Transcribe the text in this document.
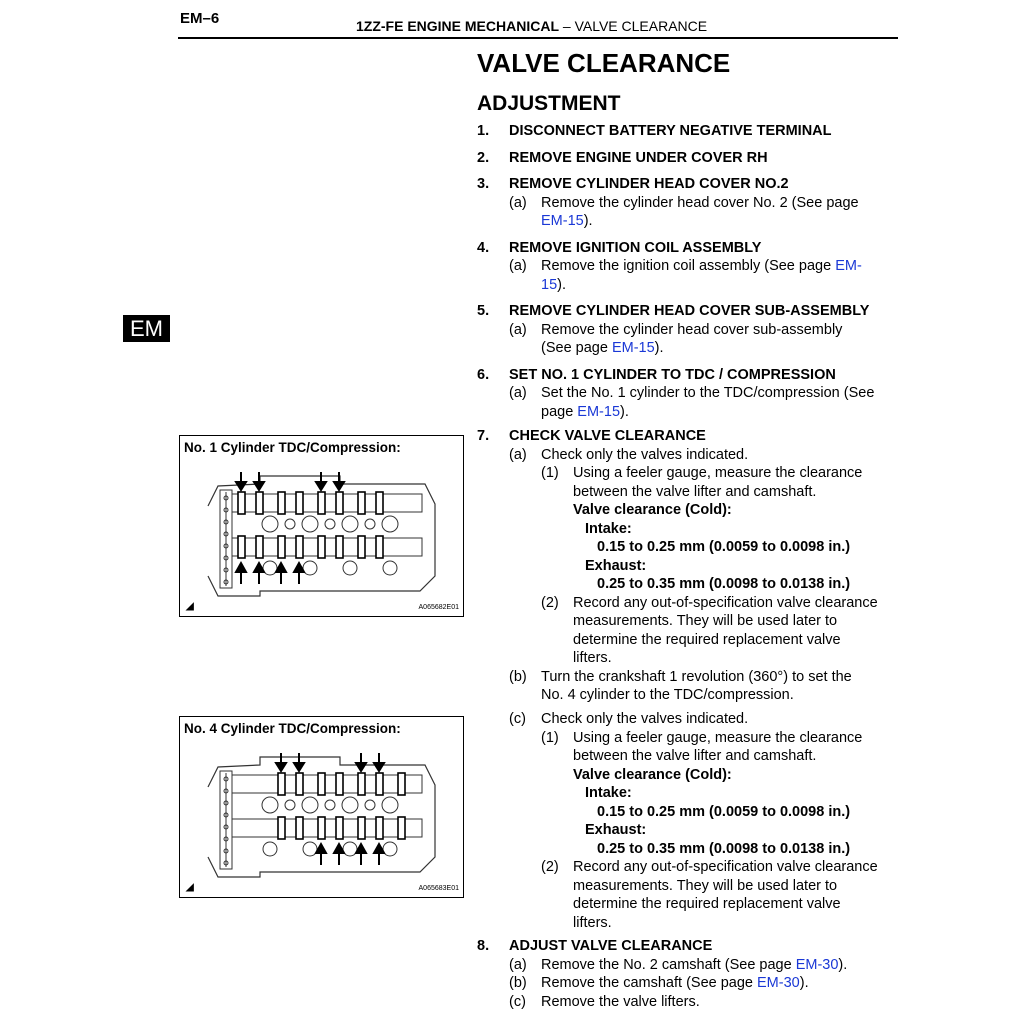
EM–6	1ZZ-FE ENGINE MECHANICAL – VALVE CLEARANCE
EM
VALVE CLEARANCE
ADJUSTMENT
1.	DISCONNECT BATTERY NEGATIVE TERMINAL
2.	REMOVE ENGINE UNDER COVER RH
3.	REMOVE CYLINDER HEAD COVER NO.2
(a) Remove the cylinder head cover No. 2 (See page
EM-15).
4.	REMOVE IGNITION COIL ASSEMBLY
(a) Remove the ignition coil assembly (See page EM-
15).
5.	REMOVE CYLINDER HEAD COVER SUB-ASSEMBLY
(a) Remove the cylinder head cover sub-assembly
(See page EM-15).
6.	SET NO. 1 CYLINDER TO TDC / COMPRESSION
(a) Set the No. 1 cylinder to the TDC/compression (See
page EM-15).
7.	CHECK VALVE CLEARANCE
(a) Check only the valves indicated.
(1) Using a feeler gauge, measure the clearance
between the valve lifter and camshaft.
Valve clearance (Cold):
Intake:
0.15 to 0.25 mm (0.0059 to 0.0098 in.)
Exhaust:
0.25 to 0.35 mm (0.0098 to 0.0138 in.)
(2) Record any out-of-specification valve clearance
measurements. They will be used later to
determine the required replacement valve
lifters.
(b) Turn the crankshaft 1 revolution (360°) to set the
No. 4 cylinder to the TDC/compression.
(c)	Check only the valves indicated.
(1) Using a feeler gauge, measure the clearance
between the valve lifter and camshaft.
Valve clearance (Cold):
Intake:
0.15 to 0.25 mm (0.0059 to 0.0098 in.)
Exhaust:
0.25 to 0.35 mm (0.0098 to 0.0138 in.)
(2) Record any out-of-specification valve clearance
measurements. They will be used later to
determine the required replacement valve
lifters.
8.	ADJUST VALVE CLEARANCE
(a) Remove the No. 2 camshaft (See page EM-30).
(b) Remove the camshaft (See page EM-30).
(c)	Remove the valve lifters.
No. 1 Cylinder TDC/Compression:
◢	A065682E01
No. 4 Cylinder TDC/Compression:
◢	A065683E01
